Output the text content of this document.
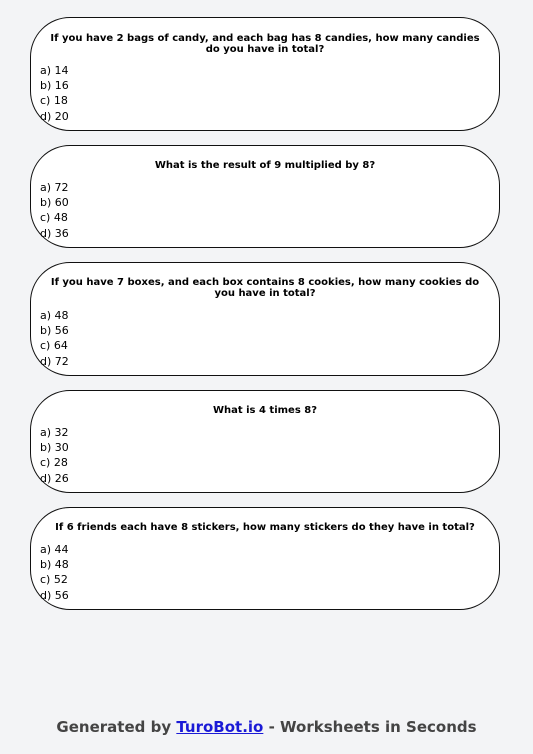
If you have 2 bags of candy, and each bag has 8 candies, how many candies do you have in total?
a) 14
b) 16
c) 18
d) 20
What is the result of 9 multiplied by 8?
a) 72
b) 60
c) 48
d) 36
If you have 7 boxes, and each box contains 8 cookies, how many cookies do you have in total?
a) 48
b) 56
c) 64
d) 72
What is 4 times 8?
a) 32
b) 30
c) 28
d) 26
If 6 friends each have 8 stickers, how many stickers do they have in total?
a) 44
b) 48
c) 52
d) 56
Generated by TuroBot.io - Worksheets in Seconds
